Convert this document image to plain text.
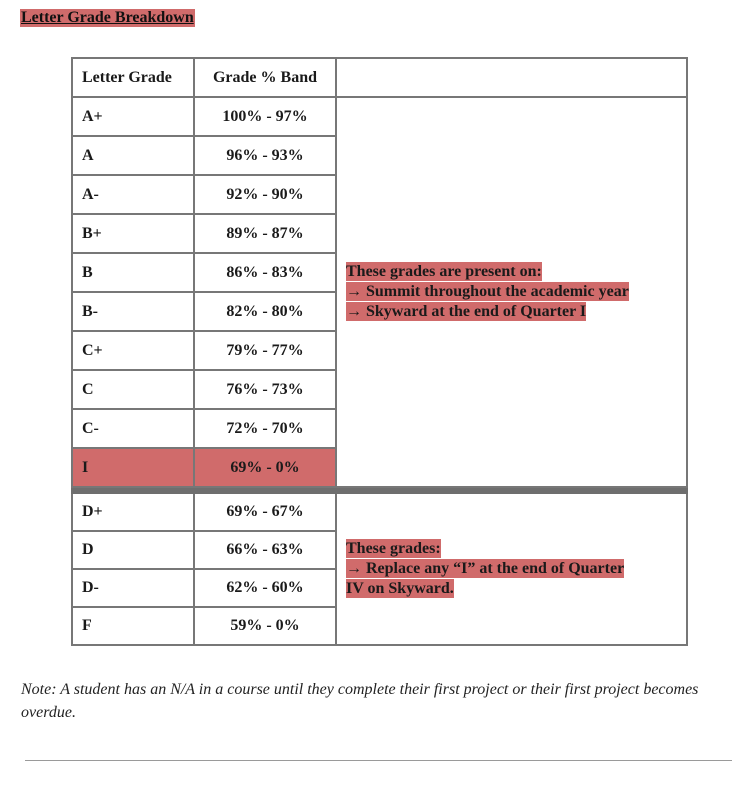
Letter Grade Breakdown
Letter Grade	Grade % Band	
A+	100% - 97%	These grades are present on:
→ Summit throughout the academic year
→ Skyward at the end of Quarter I
A	96% - 93%	
A-	92% - 90%	
B+	89% - 87%	
B	86% - 83%	
B-	82% - 80%	
C+	79% - 77%	
C	76% - 73%	
C-	72% - 70%	
I	69% - 0%	

D+	69% - 67%	These grades:
→ Replace any “I” at the end of Quarter
IV on Skyward.
D	66% - 63%	
D-	62% - 60%	
F	59% - 0%	
Note: A student has an N/A in a course until they complete their first project or their first project becomes overdue.
